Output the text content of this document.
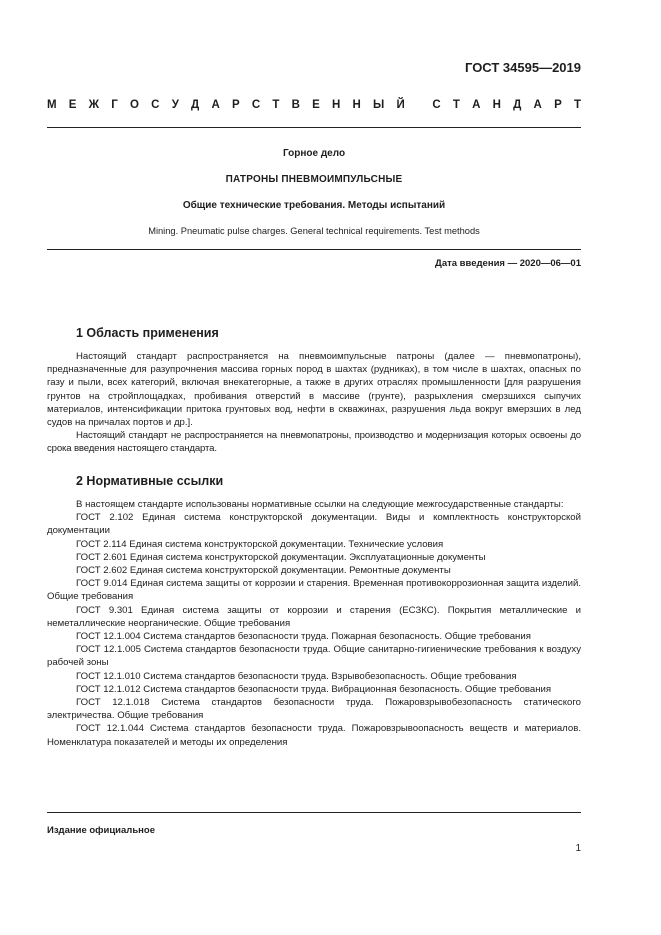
ГОСТ 34595—2019
М Е Ж Г О С У Д А Р С Т В Е Н Н Ы Й
С Т А Н Д А Р Т
Горное дело
ПАТРОНЫ ПНЕВМОИМПУЛЬСНЫЕ
Общие технические требования. Методы испытаний
Mining. Pneumatic pulse charges. General technical requirements. Test methods
Дата введения — 2020—06—01
1 Область применения

Настоящий стандарт распространяется на пневмоимпульсные патроны (далее — пневмопатроны), предназначенные для разупрочнения массива горных пород в шахтах (рудниках), в том числе в шахтах, опасных по газу и пыли, всех категорий, включая внекатегорные, а также в других отраслях промышленности [для разрушения грунтов на стройплощадках, пробивания отверстий в массиве (грунте), разрыхления смерзшихся сыпучих материалов, интенсификации притока грунтовых вод, нефти в скважинах, разрушения льда вокруг вмерзших в лед судов на причалах портов и др.].

Настоящий стандарт не распространяется на пневмопатроны, производство и модернизация которых освоены до срока введения настоящего стандарта.

2 Нормативные ссылки

В настоящем стандарте использованы нормативные ссылки на следующие межгосударственные стандарты:

ГОСТ 2.102 Единая система конструкторской документации. Виды и комплектность конструкторской документации

ГОСТ 2.114 Единая система конструкторской документации. Технические условия

ГОСТ 2.601 Единая система конструкторской документации. Эксплуатационные документы

ГОСТ 2.602 Единая система конструкторской документации. Ремонтные документы

ГОСТ 9.014 Единая система защиты от коррозии и старения. Временная противокоррозионная защита изделий. Общие требования

ГОСТ 9.301 Единая система защиты от коррозии и старения (ЕСЗКС). Покрытия металлические и неметаллические неорганические. Общие требования

ГОСТ 12.1.004 Система стандартов безопасности труда. Пожарная безопасность. Общие требования

ГОСТ 12.1.005 Система стандартов безопасности труда. Общие санитарно-гигиенические требования к воздуху рабочей зоны

ГОСТ 12.1.010 Система стандартов безопасности труда. Взрывобезопасность. Общие требования

ГОСТ 12.1.012 Система стандартов безопасности труда. Вибрационная безопасность. Общие требования

ГОСТ 12.1.018 Система стандартов безопасности труда. Пожаровзрывобезопасность статического электричества. Общие требования

ГОСТ 12.1.044 Система стандартов безопасности труда. Пожаровзрывоопасность веществ и материалов. Номенклатура показателей и методы их определения

Издание официальное
1
